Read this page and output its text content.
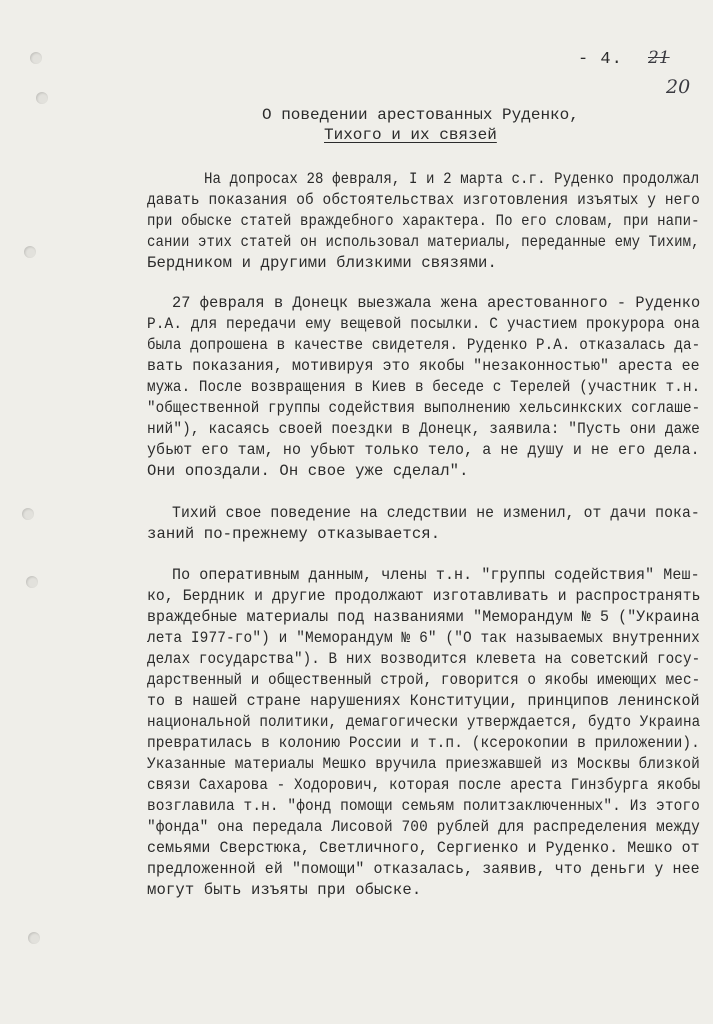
- 4. 21
20
О поведении арестованных Руденко,
Тихого и их связей
На допросах 28 февраля, I и 2 марта с.г. Руденко продолжал
давать показания об обстоятельствах изготовления изъятых у него
при обыске статей враждебного характера. По его словам, при напи-
сании этих статей он использовал материалы, переданные ему Тихим,
Бердником и другими близкими связями.
27 февраля в Донецк выезжала жена арестованного - Руденко
Р.А. для передачи ему вещевой посылки. С участием прокурора она
была допрошена в качестве свидетеля. Руденко Р.А. отказалась да-
вать показания, мотивируя это якобы "незаконностью" ареста ее
мужа. После возвращения в Киев в беседе с Терелей (участник т.н.
"общественной группы содействия выполнению хельсинкских соглаше-
ний"), касаясь своей поездки в Донецк, заявила: "Пусть они даже
убьют его там, но убьют только тело, а не душу и не его дела.
Они опоздали. Он свое уже сделал".
Тихий свое поведение на следствии не изменил, от дачи пока-
заний по-прежнему отказывается.
По оперативным данным, члены т.н. "группы содействия" Меш-
ко, Бердник и другие продолжают изготавливать и распространять
враждебные материалы под названиями "Меморандум № 5 ("Украина
лета I977-го") и "Меморандум № 6" ("О так называемых внутренних
делах государства"). В них возводится клевета на советский госу-
дарственный и общественный строй, говорится о якобы имеющих мес-
то в нашей стране нарушениях Конституции, принципов ленинской
национальной политики, демагогически утверждается, будто Украина
превратилась в колонию России и т.п. (ксерокопии в приложении).
Указанные материалы Мешко вручила приезжавшей из Москвы близкой
связи Сахарова - Ходорович, которая после ареста Гинзбурга якобы
возглавила т.н. "фонд помощи семьям политзаключенных". Из этого
"фонда" она передала Лисовой 700 рублей для распределения между
семьями Сверстюка, Светличного, Сергиенко и Руденко. Мешко от
предложенной ей "помощи" отказалась, заявив, что деньги у нее
могут быть изъяты при обыске.
